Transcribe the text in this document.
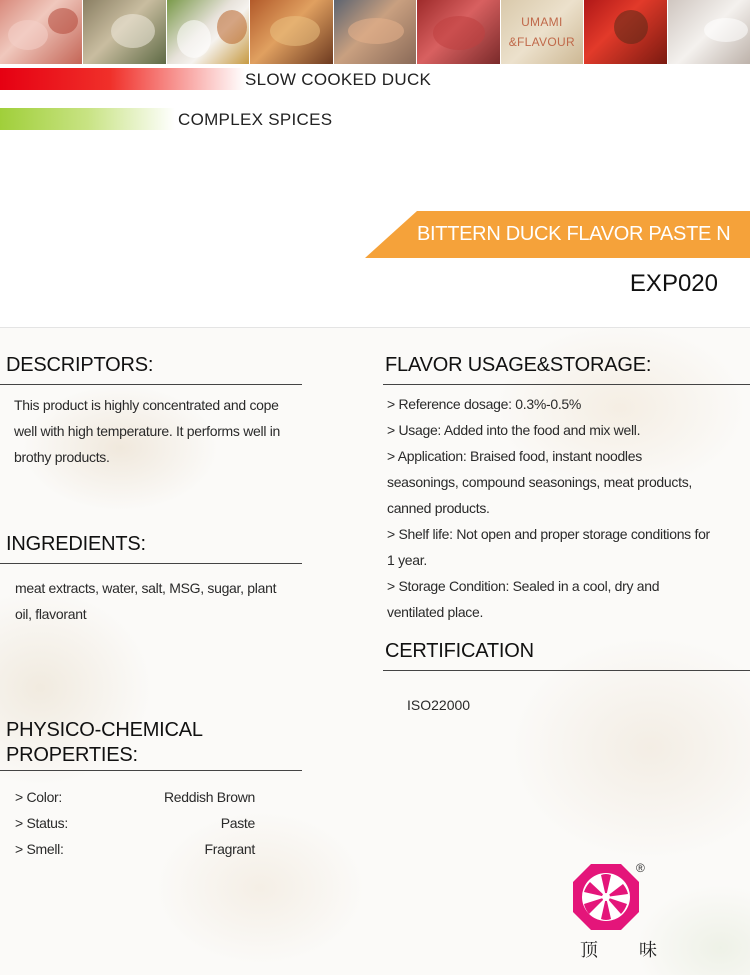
UMAMI
&FLAVOUR
SLOW COOKED DUCK
COMPLEX SPICES
BITTERN DUCK FLAVOR PASTE N
EXP020
DESCRIPTORS:
This product is highly concentrated and cope
well with high temperature. It performs well in
brothy products.
INGREDIENTS:
meat extracts, water, salt, MSG, sugar, plant
oil, flavorant
PHYSICO-CHEMICAL
PROPERTIES:
> Color:	Reddish Brown
> Status:	Paste
> Smell:	Fragrant
FLAVOR USAGE&STORAGE:
> Reference dosage: 0.3%-0.5%
> Usage: Added into the food and mix well.
> Application: Braised food, instant noodles
seasonings, compound seasonings, meat products,
canned products.
> Shelf life: Not open and proper storage conditions for
1 year.
> Storage Condition: Sealed in a cool, dry and
ventilated place.
CERTIFICATION
ISO22000
®
顶 味
